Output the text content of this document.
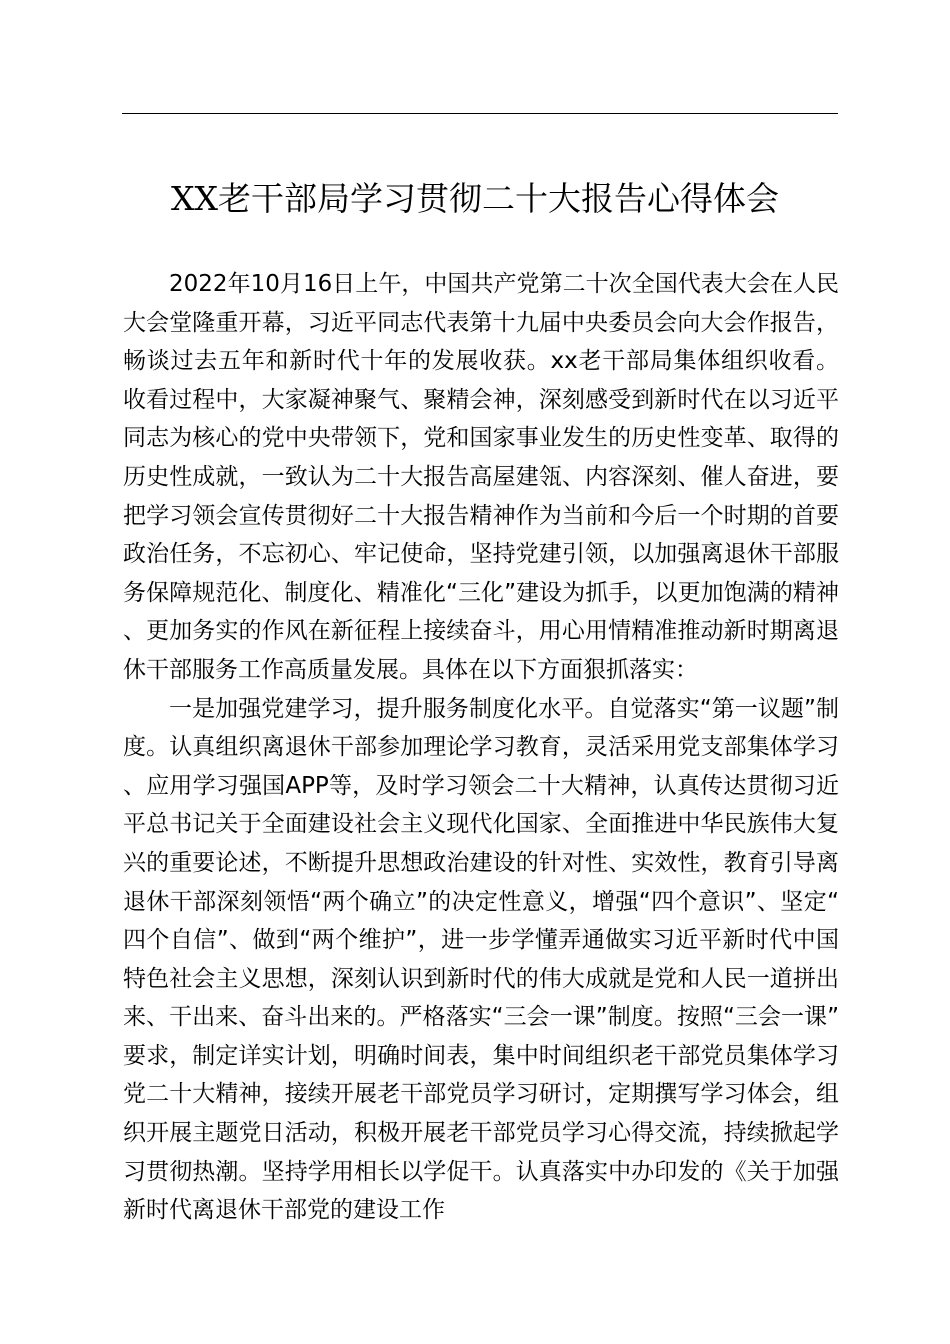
XX老干部局学习贯彻二十大报告心得体会

2022年10月16日上午，中国共产党第二十次全国代表大会在人民大会堂隆重开幕，习近平同志代表第十九届中央委员会向大会作报告，畅谈过去五年和新时代十年的发展收获。xx老干部局集体组织收看。收看过程中，大家凝神聚气、聚精会神，深刻感受到新时代在以习近平同志为核心的党中央带领下，党和国家事业发生的历史性变革、取得的历史性成就，一致认为二十大报告高屋建瓴、内容深刻、催人奋进，要把学习领会宣传贯彻好二十大报告精神作为当前和今后一个时期的首要政治任务，不忘初心、牢记使命，坚持党建引领，以加强离退休干部服务保障规范化、制度化、精准化“三化”建设为抓手，以更加饱满的精神、更加务实的作风在新征程上接续奋斗，用心用情精准推动新时期离退休干部服务工作高质量发展。具体在以下方面狠抓落实：

一是加强党建学习，提升服务制度化水平。自觉落实“第一议题”制度。认真组织离退休干部参加理论学习教育，灵活采用党支部集体学习、应用学习强国APP等，及时学习领会二十大精神，认真传达贯彻习近平总书记关于全面建设社会主义现代化国家、全面推进中华民族伟大复兴的重要论述，不断提升思想政治建设的针对性、实效性，教育引导离退休干部深刻领悟“两个确立”的决定性意义，增强“四个意识”、坚定“四个自信”、做到“两个维护”，进一步学懂弄通做实习近平新时代中国特色社会主义思想，深刻认识到新时代的伟大成就是党和人民一道拼出来、干出来、奋斗出来的。严格落实“三会一课”制度。按照“三会一课”要求，制定详实计划，明确时间表，集中时间组织老干部党员集体学习党二十大精神，接续开展老干部党员学习研讨，定期撰写学习体会，组织开展主题党日活动，积极开展老干部党员学习心得交流，持续掀起学习贯彻热潮。坚持学用相长以学促干。认真落实中办印发的《关于加强新时代离退休干部党的建设工作
